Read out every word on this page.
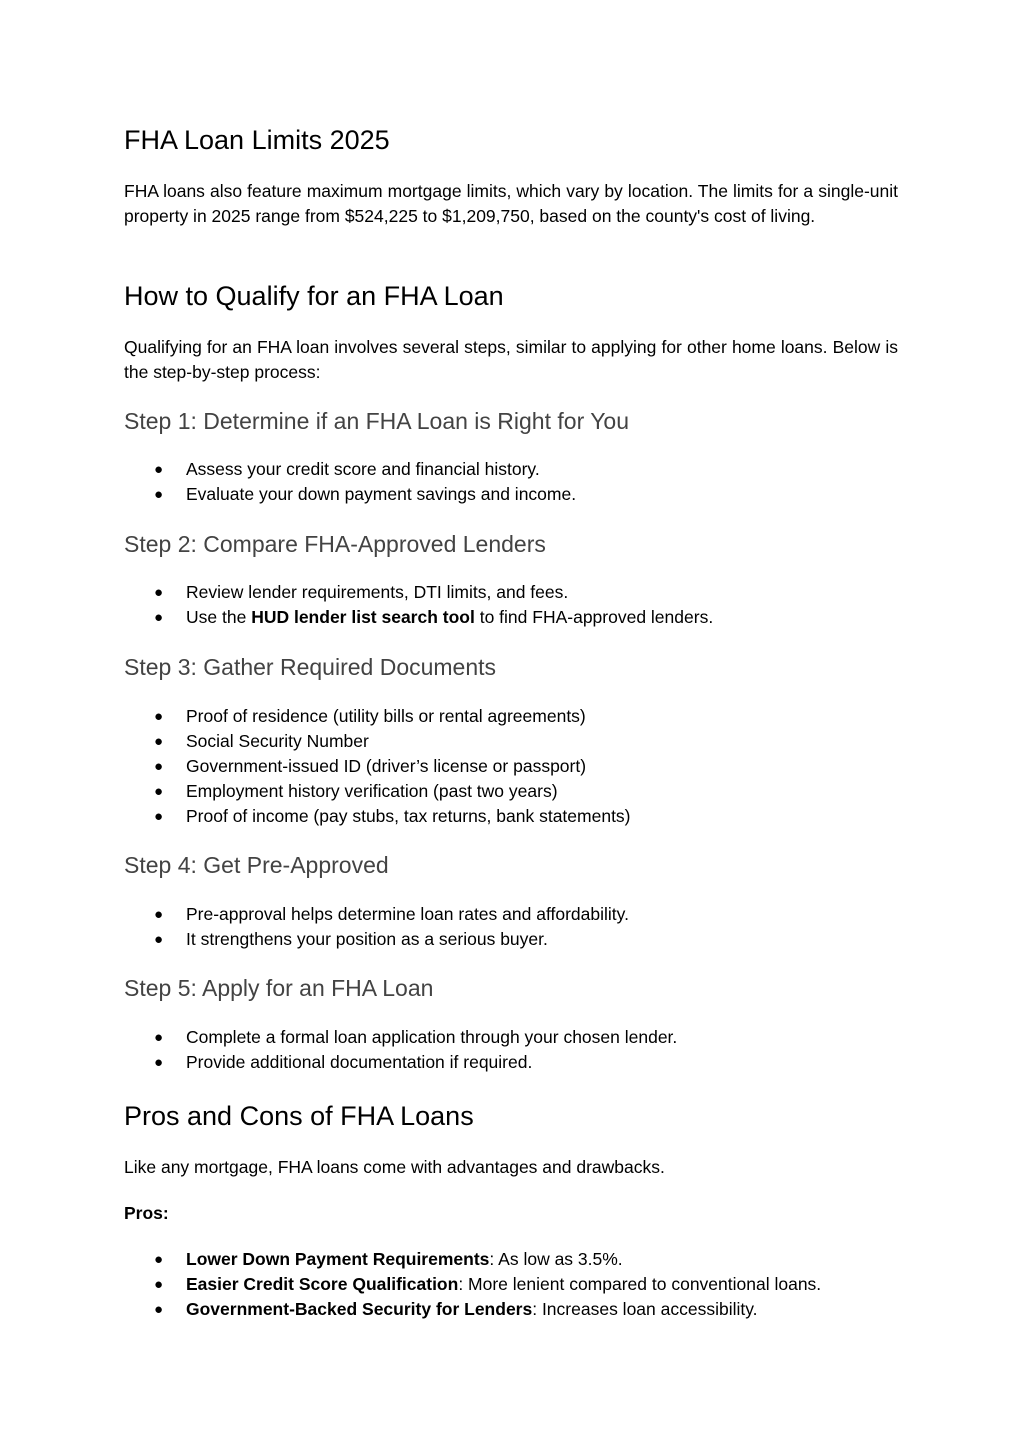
FHA Loan Limits 2025

FHA loans also feature maximum mortgage limits, which vary by location. The limits for a single-unit property in 2025 range from $524,225 to $1,209,750, based on the county's cost of living.

How to Qualify for an FHA Loan

Qualifying for an FHA loan involves several steps, similar to applying for other home loans. Below is the step-by-step process:

Step 1: Determine if an FHA Loan is Right for You
● Assess your credit score and financial history.
● Evaluate your down payment savings and income.
Step 2: Compare FHA-Approved Lenders
● Review lender requirements, DTI limits, and fees.
● Use the HUD lender list search tool to find FHA-approved lenders.
Step 3: Gather Required Documents
● Proof of residence (utility bills or rental agreements)
● Social Security Number
● Government-issued ID (driver’s license or passport)
● Employment history verification (past two years)
● Proof of income (pay stubs, tax returns, bank statements)
Step 4: Get Pre-Approved
● Pre-approval helps determine loan rates and affordability.
● It strengthens your position as a serious buyer.
Step 5: Apply for an FHA Loan
● Complete a formal loan application through your chosen lender.
● Provide additional documentation if required.
Pros and Cons of FHA Loans

Like any mortgage, FHA loans come with advantages and drawbacks.

Pros:

● Lower Down Payment Requirements: As low as 3.5%.
● Easier Credit Score Qualification: More lenient compared to conventional loans.
● Government-Backed Security for Lenders: Increases loan accessibility.
